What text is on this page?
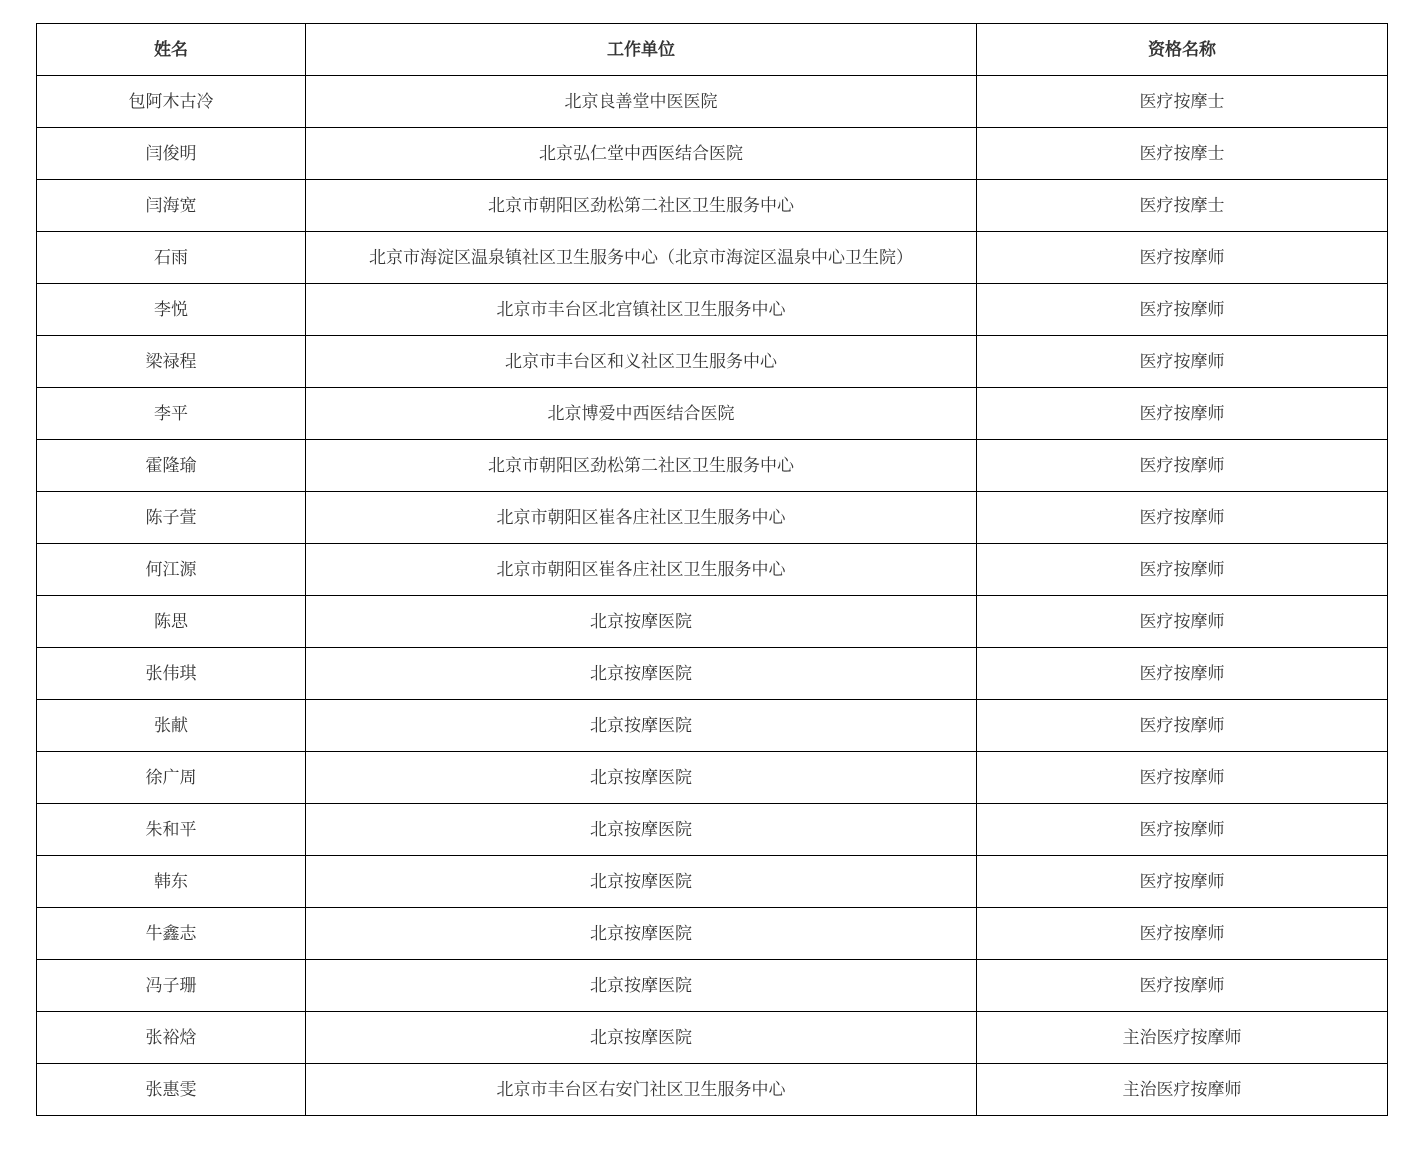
姓名	工作单位	资格名称
包阿木古冷	北京良善堂中医医院	医疗按摩士
闫俊明	北京弘仁堂中西医结合医院	医疗按摩士
闫海宽	北京市朝阳区劲松第二社区卫生服务中心	医疗按摩士
石雨	北京市海淀区温泉镇社区卫生服务中心（北京市海淀区温泉中心卫生院）	医疗按摩师
李悦	北京市丰台区北宫镇社区卫生服务中心	医疗按摩师
梁禄程	北京市丰台区和义社区卫生服务中心	医疗按摩师
李平	北京博爱中西医结合医院	医疗按摩师
霍隆瑜	北京市朝阳区劲松第二社区卫生服务中心	医疗按摩师
陈子萱	北京市朝阳区崔各庄社区卫生服务中心	医疗按摩师
何江源	北京市朝阳区崔各庄社区卫生服务中心	医疗按摩师
陈思	北京按摩医院	医疗按摩师
张伟琪	北京按摩医院	医疗按摩师
张献	北京按摩医院	医疗按摩师
徐广周	北京按摩医院	医疗按摩师
朱和平	北京按摩医院	医疗按摩师
韩东	北京按摩医院	医疗按摩师
牛鑫志	北京按摩医院	医疗按摩师
冯子珊	北京按摩医院	医疗按摩师
张裕焓	北京按摩医院	主治医疗按摩师
张惠雯	北京市丰台区右安门社区卫生服务中心	主治医疗按摩师
